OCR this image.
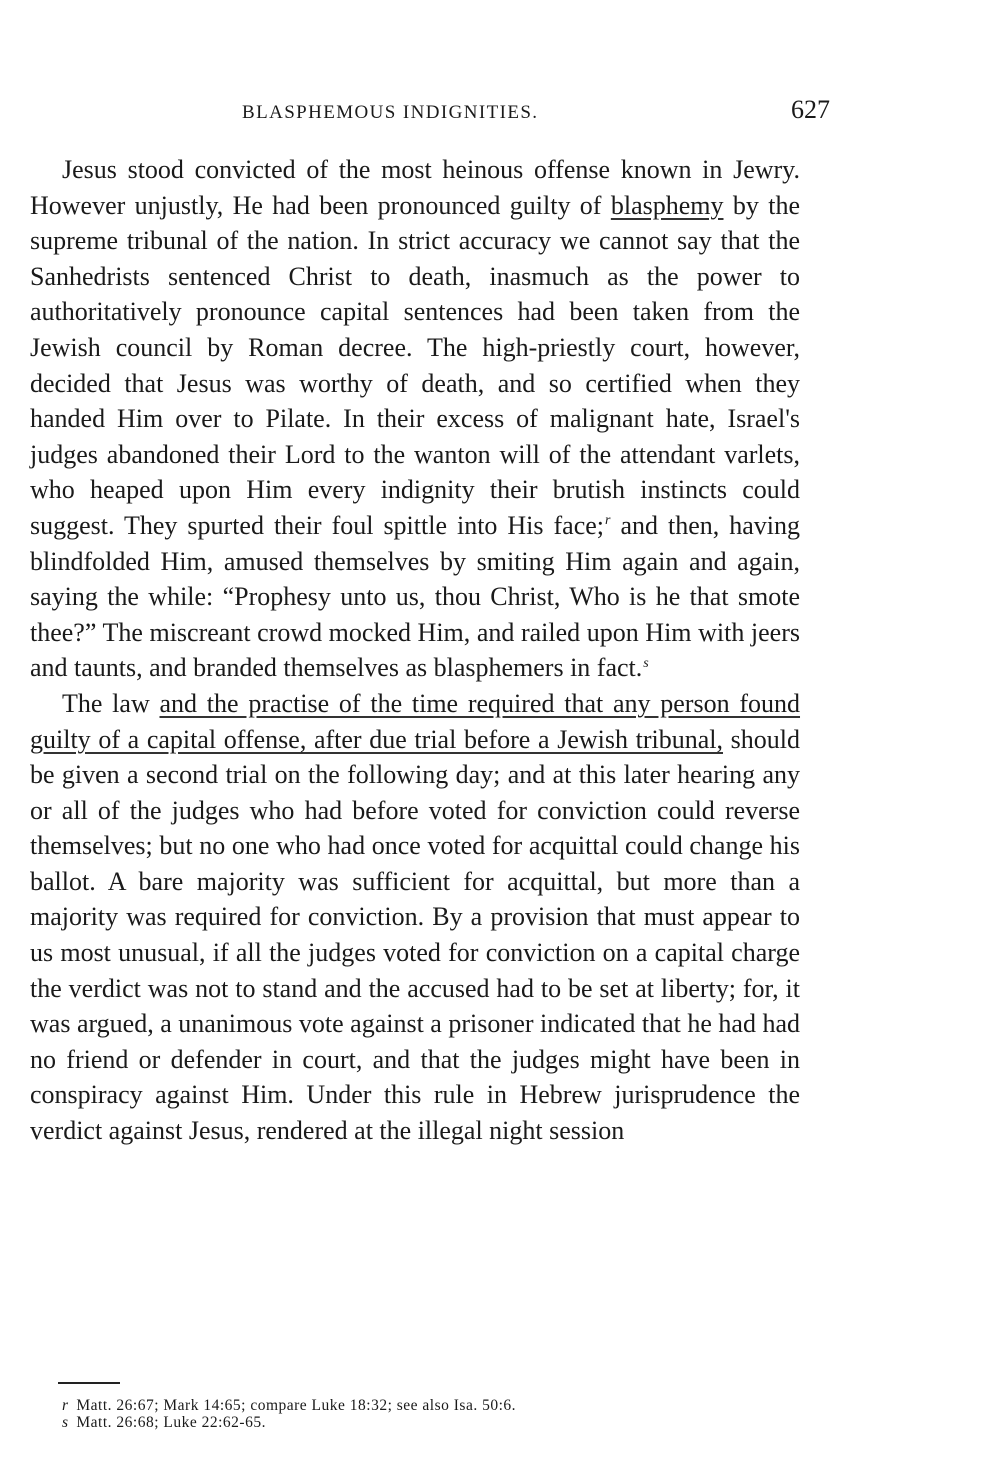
BLASPHEMOUS INDIGNITIES.	627

Jesus stood convicted of the most heinous offense known in Jewry. However unjustly, He had been pronounced guilty of blasphemy by the supreme tribunal of the nation. In strict accuracy we cannot say that the Sanhedrists sentenced Christ to death, inasmuch as the power to authoritatively pronounce capital sentences had been taken from the Jewish council by Roman decree. The high-priestly court, however, decided that Jesus was worthy of death, and so certified when they handed Him over to Pilate. In their excess of malignant hate, Israel's judges abandoned their Lord to the wanton will of the attendant varlets, who heaped upon Him every indignity their brutish instincts could suggest. They spurted their foul spittle into His face;$^r$ and then, having blindfolded Him, amused themselves by smiting Him again and again, saying the while: “Prophesy unto us, thou Christ, Who is he that smote thee?” The miscreant crowd mocked Him, and railed upon Him with jeers and taunts, and branded themselves as blasphemers in fact.$^s$

The law and the practise of the time required that any person found guilty of a capital offense, after due trial before a Jewish tribunal, should be given a second trial on the following day; and at this later hearing any or all of the judges who had before voted for conviction could reverse themselves; but no one who had once voted for acquittal could change his ballot. A bare majority was sufficient for acquittal, but more than a majority was required for conviction. By a provision that must appear to us most unusual, if all the judges voted for conviction on a capital charge the verdict was not to stand and the accused had to be set at liberty; for, it was argued, a unanimous vote against a prisoner indicated that he had had no friend or defender in court, and that the judges might have been in conspiracy against Him. Under this rule in Hebrew jurisprudence the verdict against Jesus, rendered at the illegal night session

r Matt. 26:67; Mark 14:65; compare Luke 18:32; see also Isa. 50:6.

s Matt. 26:68; Luke 22:62-65.
